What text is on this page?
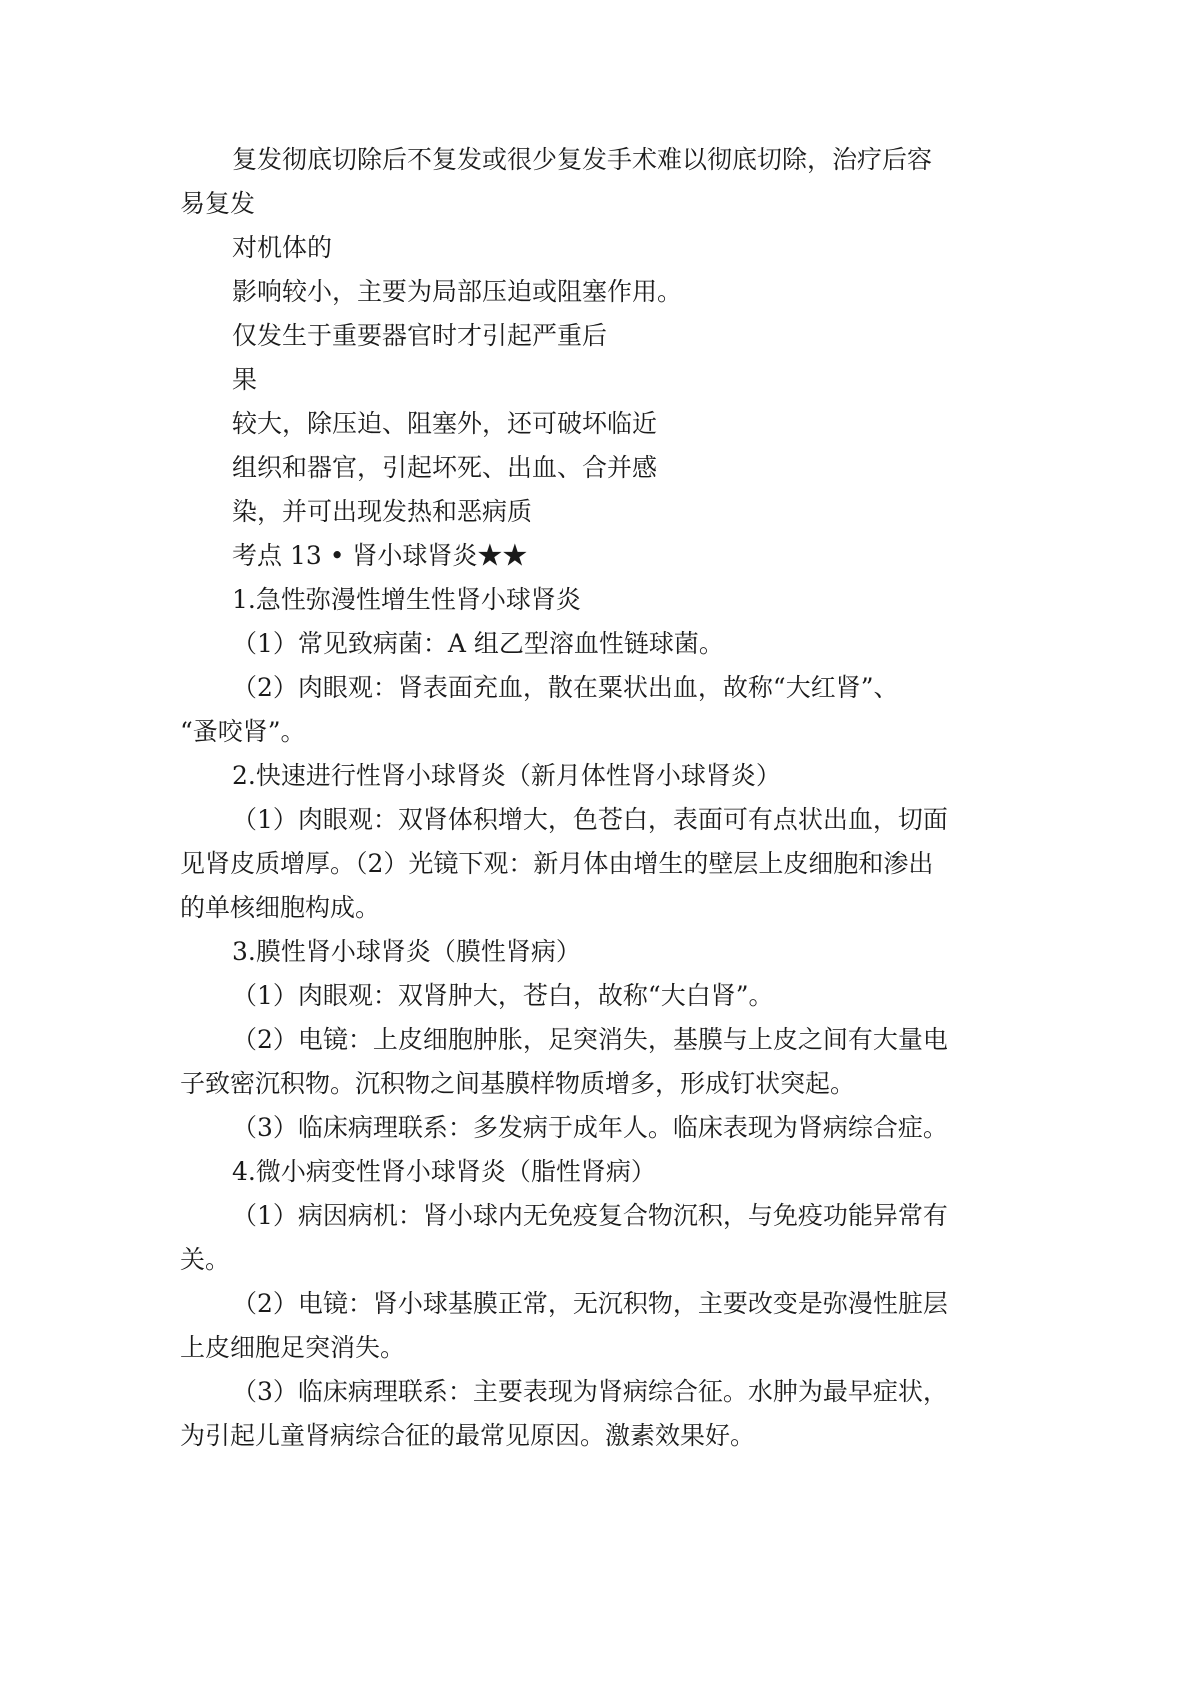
复发彻底切除后不复发或很少复发手术难以彻底切除，治疗后容

易复发

对机体的

影响较小，主要为局部压迫或阻塞作用。

仅发生于重要器官时才引起严重后

果

较大，除压迫、阻塞外，还可破坏临近

组织和器官，引起坏死、出血、合并感

染，并可出现发热和恶病质

考点 13 • 肾小球肾炎★★

1.急性弥漫性增生性肾小球肾炎

（1）常见致病菌：A 组乙型溶血性链球菌。

（2）肉眼观：肾表面充血，散在粟状出血，故称“大红肾”、

“蚤咬肾”。

2.快速进行性肾小球肾炎（新月体性肾小球肾炎）

（1）肉眼观：双肾体积增大，色苍白，表面可有点状出血，切面

见肾皮质增厚。（2）光镜下观：新月体由增生的壁层上皮细胞和渗出

的单核细胞构成。

3.膜性肾小球肾炎（膜性肾病）

（1）肉眼观：双肾肿大，苍白，故称“大白肾”。

（2）电镜：上皮细胞肿胀，足突消失，基膜与上皮之间有大量电

子致密沉积物。沉积物之间基膜样物质增多，形成钉状突起。

（3）临床病理联系：多发病于成年人。临床表现为肾病综合症。

4.微小病变性肾小球肾炎（脂性肾病）

（1）病因病机：肾小球内无免疫复合物沉积，与免疫功能异常有

关。

（2）电镜：肾小球基膜正常，无沉积物，主要改变是弥漫性脏层

上皮细胞足突消失。

（3）临床病理联系：主要表现为肾病综合征。水肿为最早症状，

为引起儿童肾病综合征的最常见原因。激素效果好。
